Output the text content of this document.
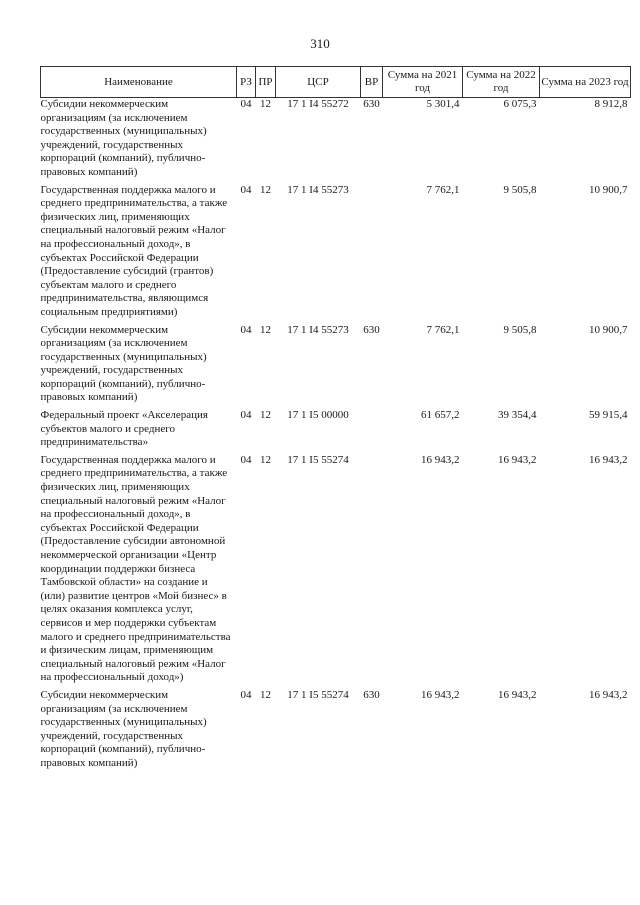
310
Наименование	РЗ	ПР	ЦСР	ВР	Сумма на 2021 год	Сумма на 2022 год	Сумма на 2023 год
Субсидии некоммерческим организациям (за исключением государственных (муниципальных) учреждений, государственных корпораций (компаний), публично-правовых компаний)	04	12	17 1 I4 55272	630	5 301,4	6 075,3	8 912,8
Государственная поддержка малого и среднего предпринимательства, а также физических лиц, применяющих специальный налоговый режим «Налог на профессиональный доход», в субъектах Российской Федерации (Предоставление субсидий (грантов) субъектам малого и среднего предпринимательства, являющимся социальным предприятиями)	04	12	17 1 I4 55273		7 762,1	9 505,8	10 900,7
Субсидии некоммерческим организациям (за исключением государственных (муниципальных) учреждений, государственных корпораций (компаний), публично-правовых компаний)	04	12	17 1 I4 55273	630	7 762,1	9 505,8	10 900,7
Федеральный проект «Акселерация субъектов малого и среднего предпринимательства»	04	12	17 1 I5 00000		61 657,2	39 354,4	59 915,4
Государственная поддержка малого и среднего предпринимательства, а также физических лиц, применяющих специальный налоговый режим «Налог на профессиональный доход», в субъектах Российской Федерации (Предоставление субсидии автономной некоммерческой организации «Центр координации поддержки бизнеса Тамбовской области» на создание и (или) развитие центров «Мой бизнес» в целях оказания комплекса услуг, сервисов и мер поддержки субъектам малого и среднего предпринимательства и физическим лицам, применяющим специальный налоговый режим «Налог на профессиональный доход»)	04	12	17 1 I5 55274		16 943,2	16 943,2	16 943,2
Субсидии некоммерческим организациям (за исключением государственных (муниципальных) учреждений, государственных корпораций (компаний), публично-правовых компаний)	04	12	17 1 I5 55274	630	16 943,2	16 943,2	16 943,2
